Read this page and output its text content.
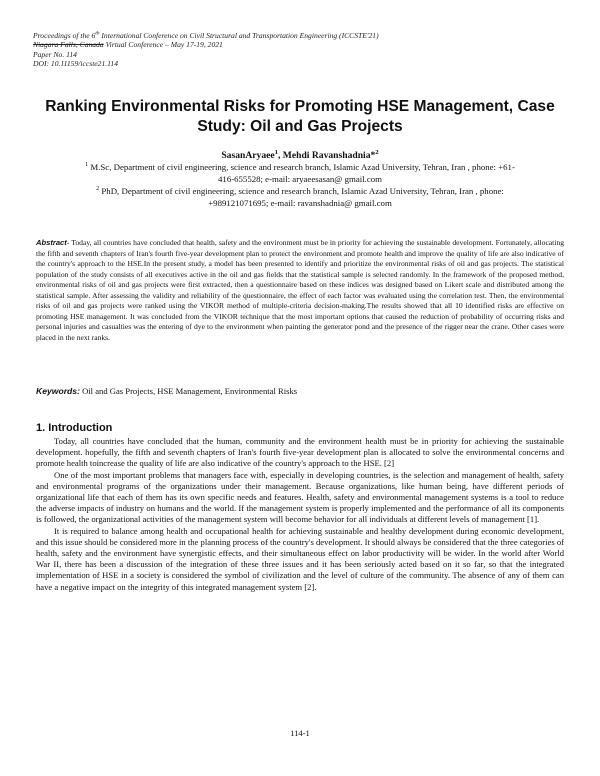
Proceedings of the 6th International Conference on Civil Structural and Transportation Engineering (ICCSTE'21)
Niagara Falls, Canada Virtual Conference – May 17-19, 2021
Paper No. 114
DOI: 10.11159/iccste21.114
Ranking Environmental Risks for Promoting HSE Management, Case
Study: Oil and Gas Projects
SasanAryaee$^1$, Mehdi Ravanshadnia*$^2$
$^1$ M.Sc, Department of civil engineering, science and research branch, Islamic Azad University, Tehran, Iran , phone: +61-
416-655528; e-mail: aryaeesasan@ gmail.com
$^2$ PhD, Department of civil engineering, science and research branch, Islamic Azad University, Tehran, Iran , phone:
+989121071695; e-mail: ravanshadnia@ gmail.com
Abstract- Today, all countries have concluded that health, safety and the environment must be in priority for achieving the sustainable development. Fortunately, allocating the fifth and seventh chapters of Iran's fourth five-year development plan to protect the environment and promote health and improve the quality of life are also indicative of the country's approach to the HSE.In the present study, a model has been presented to identify and prioritize the environmental risks of oil and gas projects. The statistical population of the study consists of all executives active in the oil and gas fields that the statistical sample is selected randomly. In the framework of the proposed method, environmental risks of oil and gas projects were first extracted, then a questionnaire based on these indices was designed based on Likert scale and distributed among the statistical sample. After assessing the validity and reliability of the questionnaire, the effect of each factor was evaluated using the correlation test. Then, the environmental risks of oil and gas projects were ranked using the VIKOR method of multiple-criteria decision-making.The results showed that all 10 identified risks are effective on promoting HSE management. It was concluded from the VIKOR technique that the most important options that caused the reduction of probability of occurring risks and personal injuries and casualties was the entering of dye to the environment when painting the generator pond and the presence of the rigger near the crane. Other cases were placed in the next ranks.
Keywords: Oil and Gas Projects, HSE Management, Environmental Risks
1. Introduction

Today, all countries have concluded that the human, community and the environment health must be in priority for achieving the sustainable development. hopefully, the fifth and seventh chapters of Iran's fourth five-year development plan is allocated to solve the environmental concerns and promote health toincrease the quality of life are also indicative of the country's approach to the HSE. [2]

One of the most important problems that managers face with, especially in developing countries, is the selection and management of health, safety and environmental programs of the organizations under their management. Because organizations, like human being, have different periods of organizational life that each of them has its own specific needs and features. Health, safety and environmental management systems is a tool to reduce the adverse impacts of industry on humans and the world. If the management system is properly implemented and the performance of all its components is followed, the organizational activities of the management system will become behavior for all individuals at different levels of management [1].

It is required to balance among health and occupational health for achieving sustainable and healthy development during economic development, and this issue should be considered more in the planning process of the country's development. It should always be considered that the three categories of health, safety and the environment have synergistic effects, and their simultaneous effect on labor productivity will be wider. In the world after World War II, there has been a discussion of the integration of these three issues and it has been seriously acted based on it so far, so that the integrated implementation of HSE in a society is considered the symbol of civilization and the level of culture of the community. The absence of any of them can have a negative impact on the integrity of this integrated management system [2].

114-1
